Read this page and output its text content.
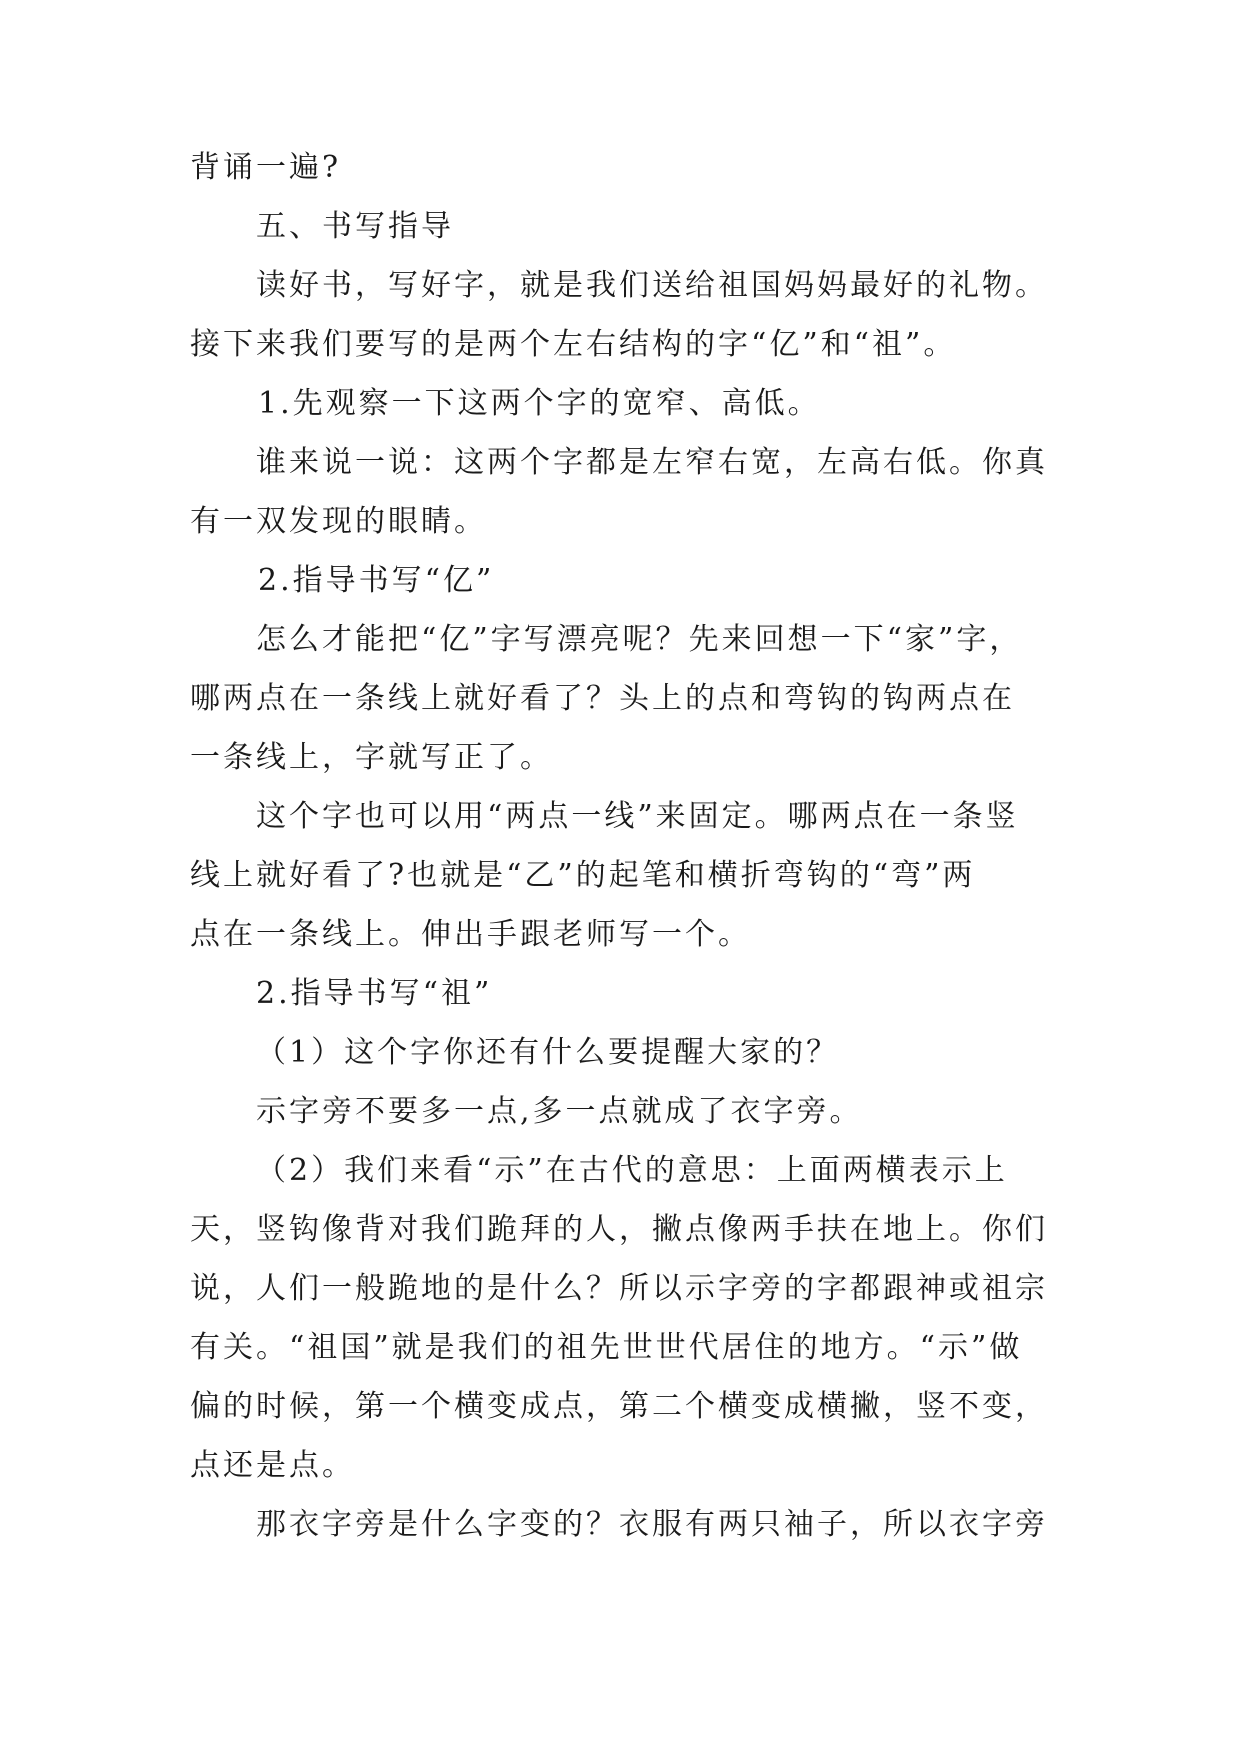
背诵一遍?
五、书写指导
读好书，写好字，就是我们送给祖国妈妈最好的礼物。
接下来我们要写的是两个左右结构的字“亿”和“祖”。
1.先观察一下这两个字的宽窄、高低。
谁来说一说：这两个字都是左窄右宽，左高右低。你真
有一双发现的眼睛。
2.指导书写“亿”
怎么才能把“亿”字写漂亮呢？先来回想一下“家”字，
哪两点在一条线上就好看了？头上的点和弯钩的钩两点在
一条线上，字就写正了。
这个字也可以用“两点一线”来固定。哪两点在一条竖
线上就好看了?也就是“乙”的起笔和横折弯钩的“弯”两
点在一条线上。伸出手跟老师写一个。
2.指导书写“祖”
（1）这个字你还有什么要提醒大家的？
示字旁不要多一点,多一点就成了衣字旁。
（2）我们来看“示”在古代的意思：上面两横表示上
天，竖钩像背对我们跪拜的人，撇点像两手扶在地上。你们
说，人们一般跪地的是什么？所以示字旁的字都跟神或祖宗
有关。“祖国”就是我们的祖先世世代居住的地方。“示”做
偏的时候，第一个横变成点，第二个横变成横撇，竖不变，
点还是点。
那衣字旁是什么字变的？衣服有两只袖子，所以衣字旁
